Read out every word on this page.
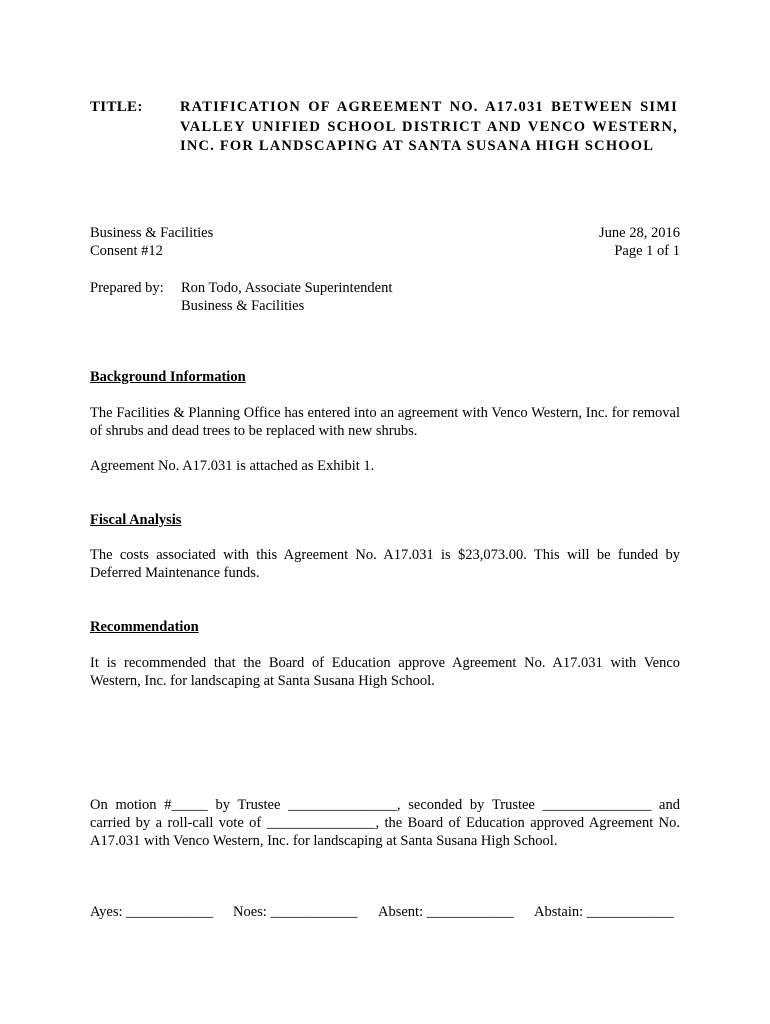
TITLE:	RATIFICATION OF AGREEMENT NO. A17.031 BETWEEN SIMI VALLEY UNIFIED SCHOOL DISTRICT AND VENCO WESTERN, INC. FOR LANDSCAPING AT SANTA SUSANA HIGH SCHOOL
Business & Facilities	June 28, 2016
Consent #12	Page 1 of 1
Prepared by: Ron Todo, Associate Superintendent
Business & Facilities
Background Information
The Facilities & Planning Office has entered into an agreement with Venco Western, Inc. for removal of shrubs and dead trees to be replaced with new shrubs.
Agreement No. A17.031 is attached as Exhibit 1.
Fiscal Analysis
The costs associated with this Agreement No. A17.031 is $23,073.00. This will be funded by Deferred Maintenance funds.
Recommendation
It is recommended that the Board of Education approve Agreement No. A17.031 with Venco Western, Inc. for landscaping at Santa Susana High School.
On motion #_____ by Trustee _______________, seconded by Trustee _______________ and carried by a roll-call vote of _______________, the Board of Education approved Agreement No. A17.031 with Venco Western, Inc. for landscaping at Santa Susana High School.
Ayes: ____________ Noes: ____________ Absent: ____________ Abstain: ____________
